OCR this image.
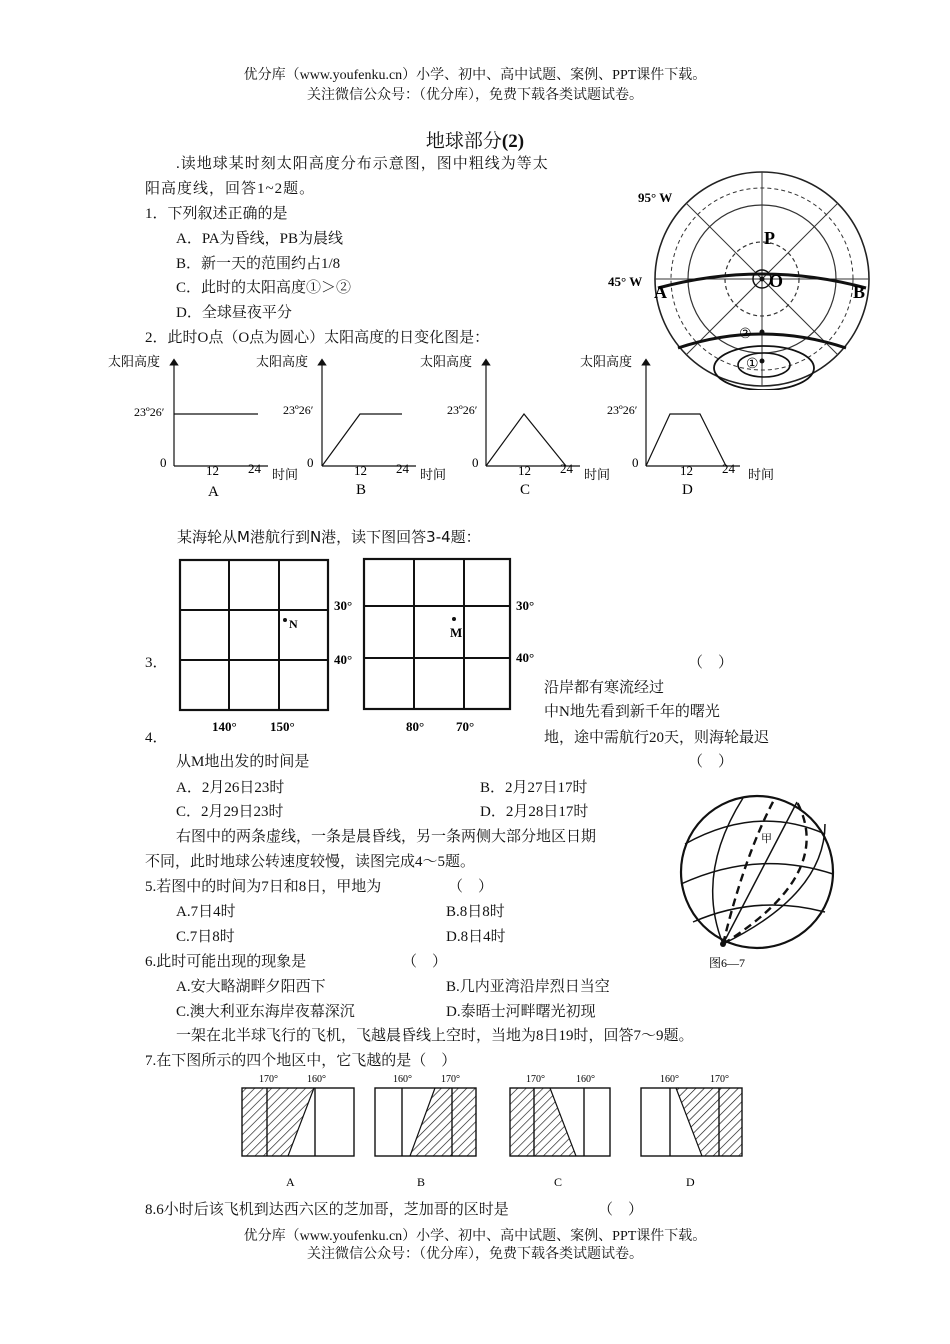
优分库（www.youfenku.cn）小学、初中、高中试题、案例、PPT课件下载。
关注微信公众号：（优分库），免费下载各类试题试卷。
地球部分(2)
.读地球某时刻太阳高度分布示意图，图中粗线为等太
阳高度线，回答1~2题。
1．下列叙述正确的是
A．PA为昏线，PB为晨线
B．新一天的范围约占1/8
C．此时的太阳高度①＞②
D．全球昼夜平分
2．此时O点（O点为圆心）太阳高度的日变化图是：
95° W
45° W
A	B
P
O
②
①
太阳高度
23º26′
0
12 24 时间
A
太阳高度
23º26′
0
12 24 时间
B
太阳高度
23º26′
0
12 24 时间
C
太阳高度
23º26′
0
12 24 时间
D
某海轮从M港航行到N港，读下图回答3-4题：
N
30°
40°
140°	150°
M
30°
40°
80° 70°
3．	（　）
沿岸都有寒流经过
中N地先看到新千年的曙光
4．	地，途中需航行20天，则海轮最迟
从M地出发的时间是	（　）
A．2月26日23时	B．2月27日17时
C．2月29日23时	D．2月28日17时
右图中的两条虚线，一条是晨昏线，另一条两侧大部分地区日期
不同，此时地球公转速度较慢，读图完成4～5题。
甲
图6—7
5.若图中的时间为7日和8日，甲地为	（　）
A.7日4时	B.8日8时
C.7日8时	D.8日4时
6.此时可能出现的现象是	（　）
A.安大略湖畔夕阳西下	B.几内亚湾沿岸烈日当空
C.澳大利亚东海岸夜幕深沉	D.泰晤士河畔曙光初现
一架在北半球飞行的飞机，飞越晨昏线上空时，当地为8日19时，回答7～9题。
7.在下图所示的四个地区中，它飞越的是（　）
170°	160°
A
160°	170°
B
170°	160°
C
160°	170°
D
8.6小时后该飞机到达西六区的芝加哥，芝加哥的区时是	（　）
优分库（www.youfenku.cn）小学、初中、高中试题、案例、PPT课件下载。
关注微信公众号：（优分库），免费下载各类试题试卷。
